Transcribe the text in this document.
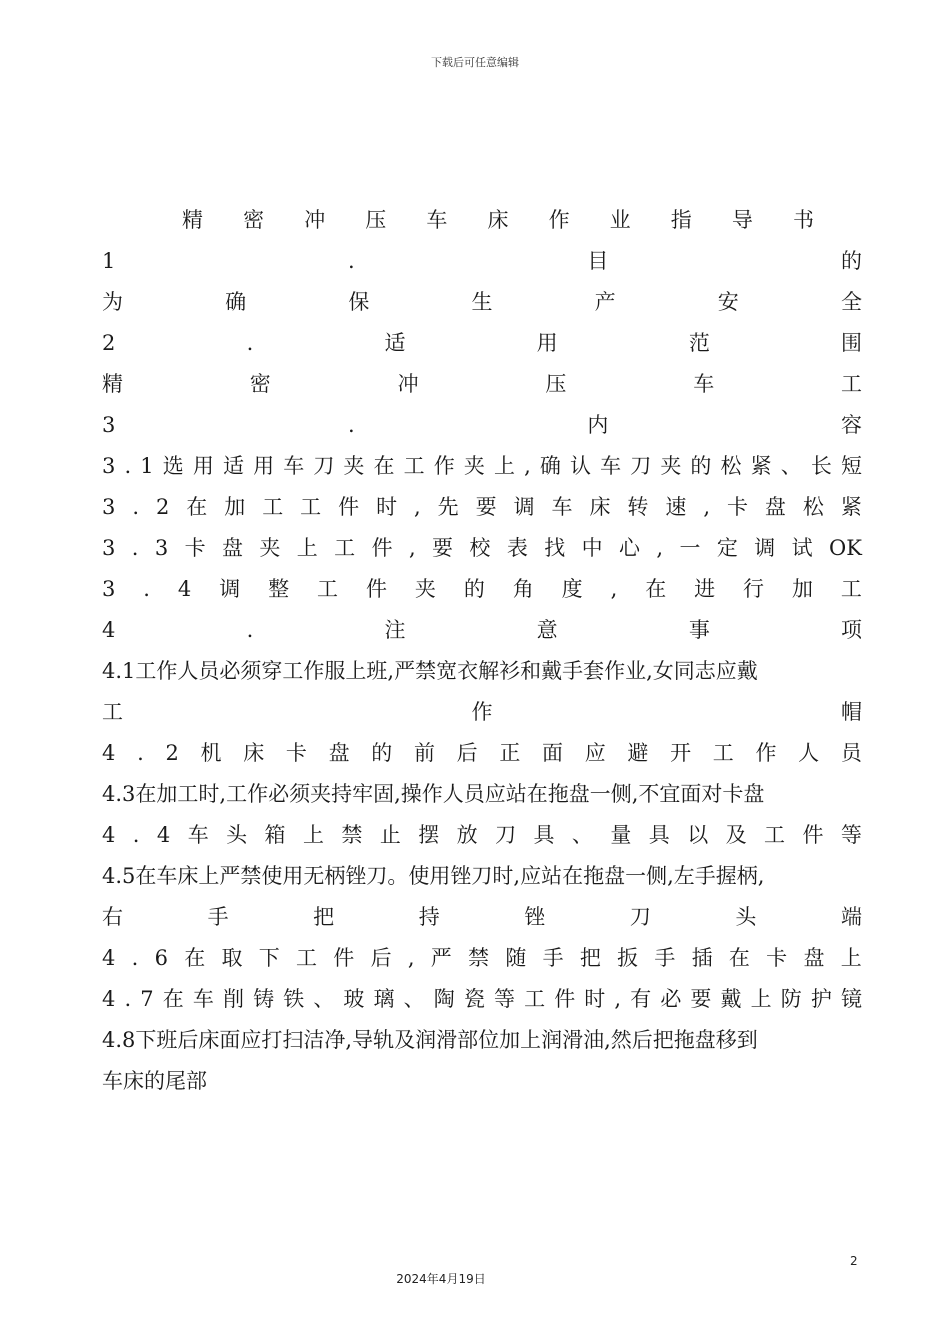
下载后可任意编辑
精 密 冲 压 车 床 作 业 指 导 书
1	.	目	的
为	确	保	生	产	安	全
2	.	适	用	范	围
精	密	冲	压	车	工
3	.	内	容
3 . 1 选 用 适 用 车 刀 夹 在 工 作 夹 上 , 确 认 车 刀 夹 的 松 紧 、 长 短
3 . 2 在 加 工 工 件 时 , 先 要 调 车 床 转 速 , 卡 盘 松 紧
3 . 3 卡 盘 夹 上 工 件 , 要 校 表 找 中 心 , 一 定 调 试 OK
3 . 4 调 整 工 件 夹 的 角 度 , 在 进 行 加 工
4	.	注	意	事	项
4.1工作人员必须穿工作服上班,严禁宽衣解衫和戴手套作业,女同志应戴
工	作	帽
4 . 2 机 床 卡 盘 的 前 后 正 面 应 避 开 工 作 人 员
4.3在加工时,工作必须夹持牢固,操作人员应站在拖盘一侧,不宜面对卡盘
4 . 4 车 头 箱 上 禁 止 摆 放 刀 具 、 量 具 以 及 工 件 等
4.5在车床上严禁使用无柄锉刀。使用锉刀时,应站在拖盘一侧,左手握柄,
右	手	把	持	锉	刀	头	端
4 . 6 在 取 下 工 件 后 , 严 禁 随 手 把 扳 手 插 在 卡 盘 上
4 . 7 在 车 削 铸 铁 、 玻 璃 、 陶 瓷 等 工 件 时 , 有 必 要 戴 上 防 护 镜
4.8下班后床面应打扫洁净,导轨及润滑部位加上润滑油,然后把拖盘移到
车床的尾部
2
2024年4月19日
